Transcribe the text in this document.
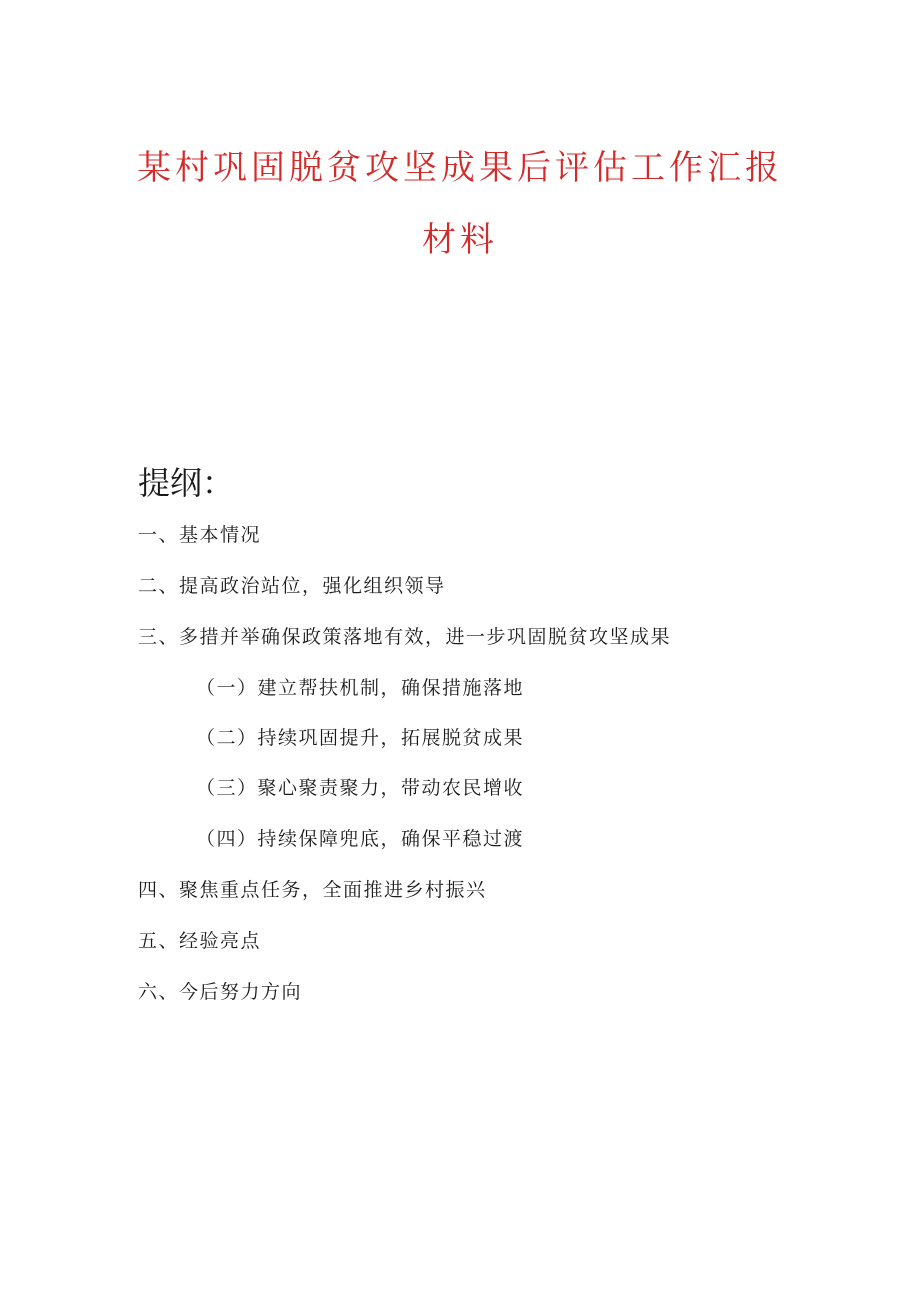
某村巩固脱贫攻坚成果后评估工作汇报
材料
提纲：
一、基本情况
二、提高政治站位，强化组织领导
三、多措并举确保政策落地有效，进一步巩固脱贫攻坚成果
（一）建立帮扶机制，确保措施落地
（二）持续巩固提升，拓展脱贫成果
（三）聚心聚责聚力，带动农民增收
（四）持续保障兜底，确保平稳过渡
四、聚焦重点任务，全面推进乡村振兴
五、经验亮点
六、今后努力方向
